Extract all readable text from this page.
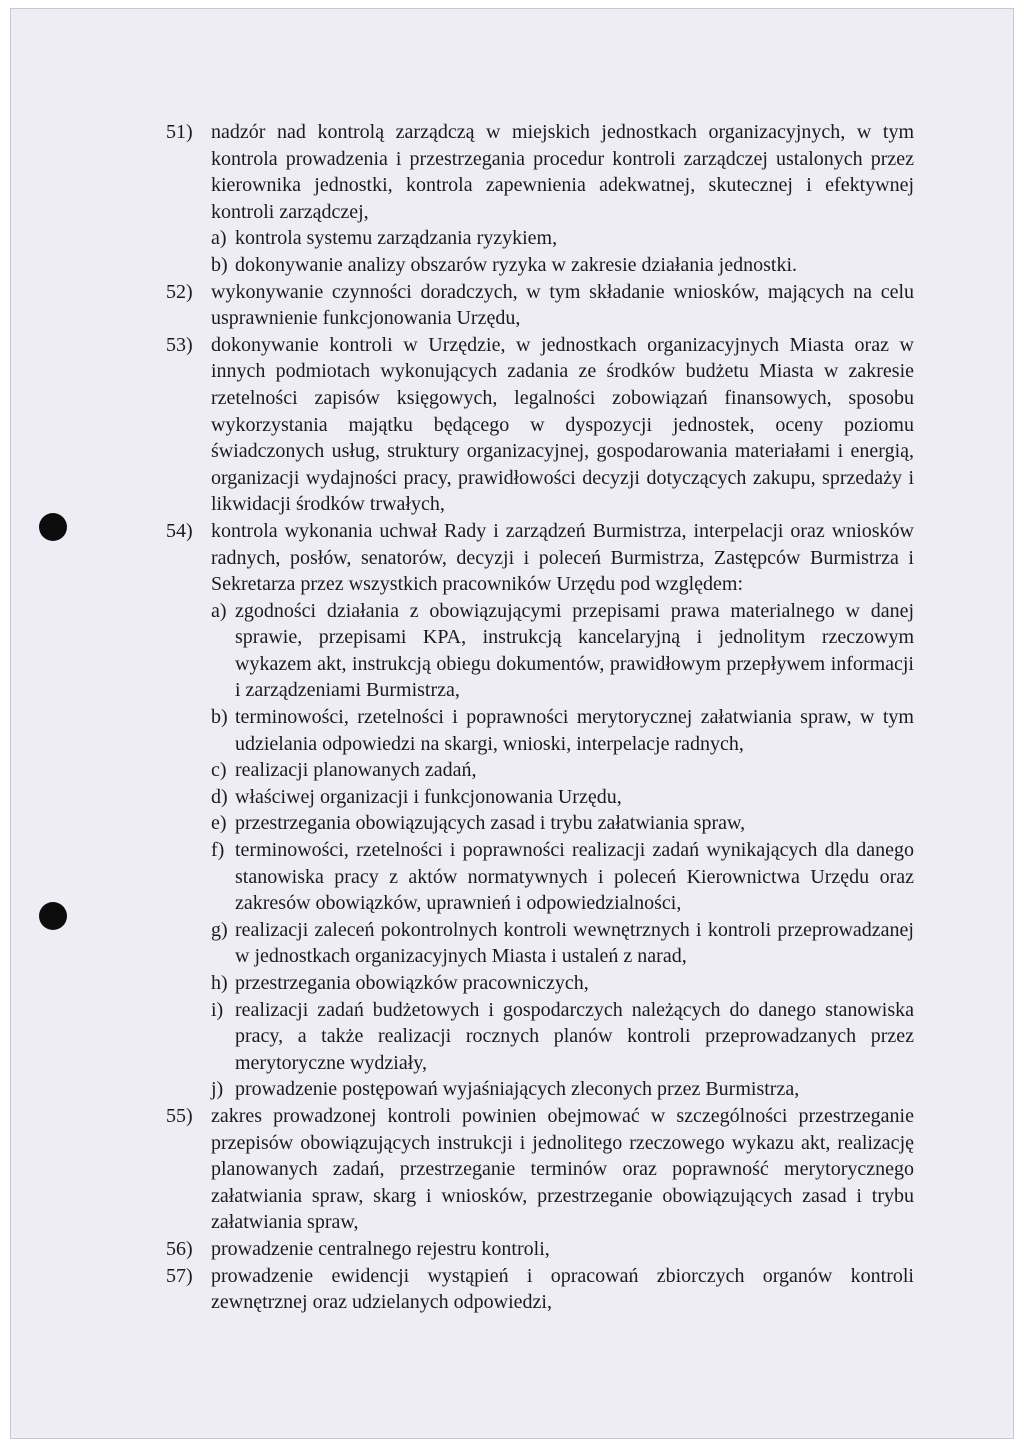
51) nadzór nad kontrolą zarządczą w miejskich jednostkach organizacyjnych, w tym kontrola prowadzenia i przestrzegania procedur kontroli zarządczej ustalonych przez kierownika jednostki, kontrola zapewnienia adekwatnej, skutecznej i efektywnej kontroli zarządczej,
a) kontrola systemu zarządzania ryzykiem,
b) dokonywanie analizy obszarów ryzyka w zakresie działania jednostki.
52) wykonywanie czynności doradczych, w tym składanie wniosków, mających na celu usprawnienie funkcjonowania Urzędu,
53) dokonywanie kontroli w Urzędzie, w jednostkach organizacyjnych Miasta oraz w innych podmiotach wykonujących zadania ze środków budżetu Miasta w zakresie rzetelności zapisów księgowych, legalności zobowiązań finansowych, sposobu wykorzystania majątku będącego w dyspozycji jednostek, oceny poziomu świadczonych usług, struktury organizacyjnej, gospodarowania materiałami i energią, organizacji wydajności pracy, prawidłowości decyzji dotyczących zakupu, sprzedaży i likwidacji środków trwałych,
54) kontrola wykonania uchwał Rady i zarządzeń Burmistrza, interpelacji oraz wniosków radnych, posłów, senatorów, decyzji i poleceń Burmistrza, Zastępców Burmistrza i Sekretarza przez wszystkich pracowników Urzędu pod względem:
a) zgodności działania z obowiązującymi przepisami prawa materialnego w danej sprawie, przepisami KPA, instrukcją kancelaryjną i jednolitym rzeczowym wykazem akt, instrukcją obiegu dokumentów, prawidłowym przepływem informacji i zarządzeniami Burmistrza,
b) terminowości, rzetelności i poprawności merytorycznej załatwiania spraw, w tym udzielania odpowiedzi na skargi, wnioski, interpelacje radnych,
c) realizacji planowanych zadań,
d) właściwej organizacji i funkcjonowania Urzędu,
e) przestrzegania obowiązujących zasad i trybu załatwiania spraw,
f) terminowości, rzetelności i poprawności realizacji zadań wynikających dla danego stanowiska pracy z aktów normatywnych i poleceń Kierownictwa Urzędu oraz zakresów obowiązków, uprawnień i odpowiedzialności,
g) realizacji zaleceń pokontrolnych kontroli wewnętrznych i kontroli przeprowadzanej w jednostkach organizacyjnych Miasta i ustaleń z narad,
h) przestrzegania obowiązków pracowniczych,
i) realizacji zadań budżetowych i gospodarczych należących do danego stanowiska pracy, a także realizacji rocznych planów kontroli przeprowadzanych przez merytoryczne wydziały,
j) prowadzenie postępowań wyjaśniających zleconych przez Burmistrza,
55) zakres prowadzonej kontroli powinien obejmować w szczególności przestrzeganie przepisów obowiązujących instrukcji i jednolitego rzeczowego wykazu akt, realizację planowanych zadań, przestrzeganie terminów oraz poprawność merytorycznego załatwiania spraw, skarg i wniosków, przestrzeganie obowiązujących zasad i trybu załatwiania spraw,
56) prowadzenie centralnego rejestru kontroli,
57) prowadzenie ewidencji wystąpień i opracowań zbiorczych organów kontroli zewnętrznej oraz udzielanych odpowiedzi,
